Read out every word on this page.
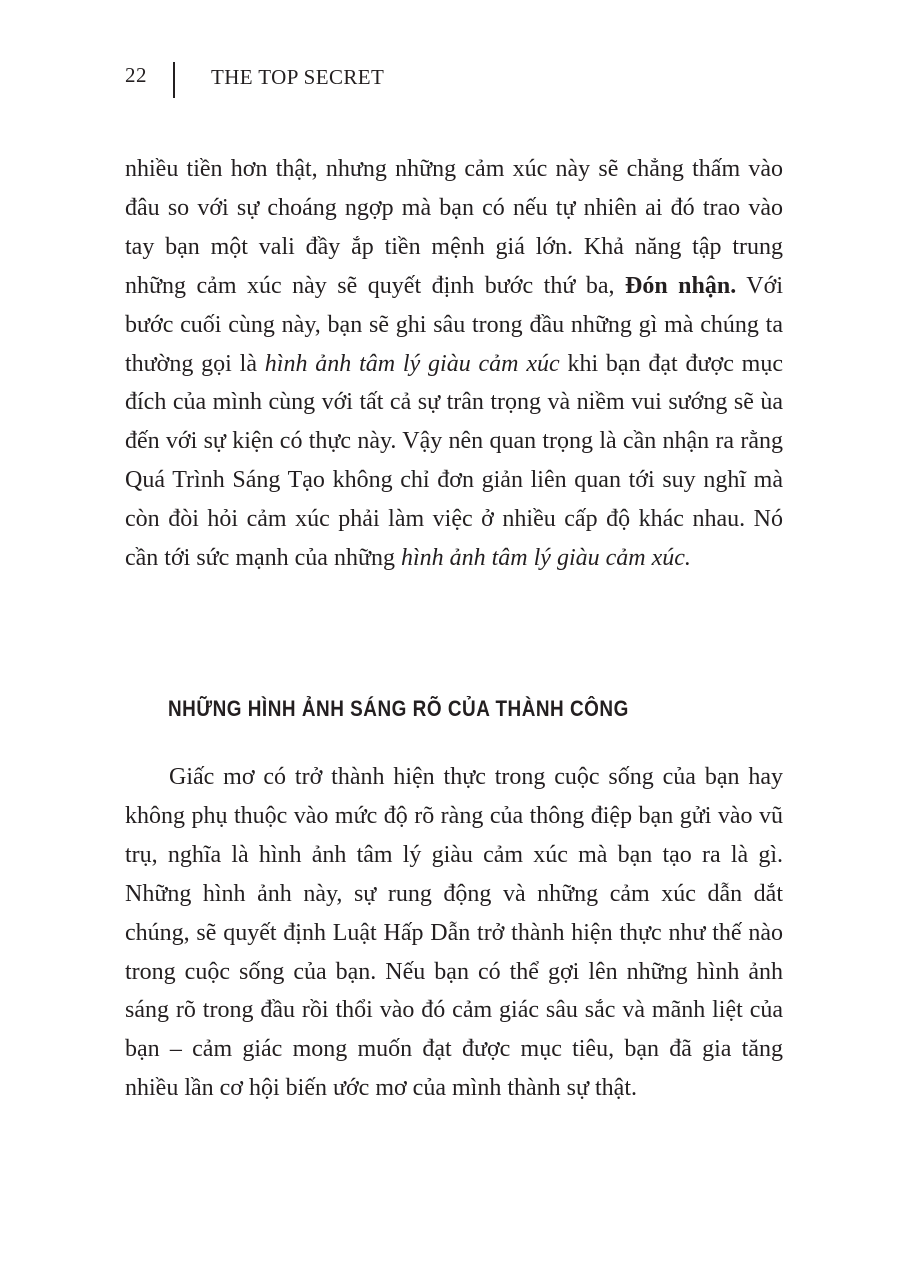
22	THE TOP SECRET

nhiều tiền hơn thật, nhưng những cảm xúc này sẽ chẳng thấm vào đâu so với sự choáng ngợp mà bạn có nếu tự nhiên ai đó trao vào tay bạn một vali đầy ắp tiền mệnh giá lớn. Khả năng tập trung những cảm xúc này sẽ quyết định bước thứ ba, Đón nhận. Với bước cuối cùng này, bạn sẽ ghi sâu trong đầu những gì mà chúng ta thường gọi là hình ảnh tâm lý giàu cảm xúc khi bạn đạt được mục đích của mình cùng với tất cả sự trân trọng và niềm vui sướng sẽ ùa đến với sự kiện có thực này. Vậy nên quan trọng là cần nhận ra rằng Quá Trình Sáng Tạo không chỉ đơn giản liên quan tới suy nghĩ mà còn đòi hỏi cảm xúc phải làm việc ở nhiều cấp độ khác nhau. Nó cần tới sức mạnh của những hình ảnh tâm lý giàu cảm xúc.

NHỮNG HÌNH ẢNH SÁNG RÕ CỦA THÀNH CÔNG

Giấc mơ có trở thành hiện thực trong cuộc sống của bạn hay không phụ thuộc vào mức độ rõ ràng của thông điệp bạn gửi vào vũ trụ, nghĩa là hình ảnh tâm lý giàu cảm xúc mà bạn tạo ra là gì. Những hình ảnh này, sự rung động và những cảm xúc dẫn dắt chúng, sẽ quyết định Luật Hấp Dẫn trở thành hiện thực như thế nào trong cuộc sống của bạn. Nếu bạn có thể gợi lên những hình ảnh sáng rõ trong đầu rồi thổi vào đó cảm giác sâu sắc và mãnh liệt của bạn – cảm giác mong muốn đạt được mục tiêu, bạn đã gia tăng nhiều lần cơ hội biến ước mơ của mình thành sự thật.
